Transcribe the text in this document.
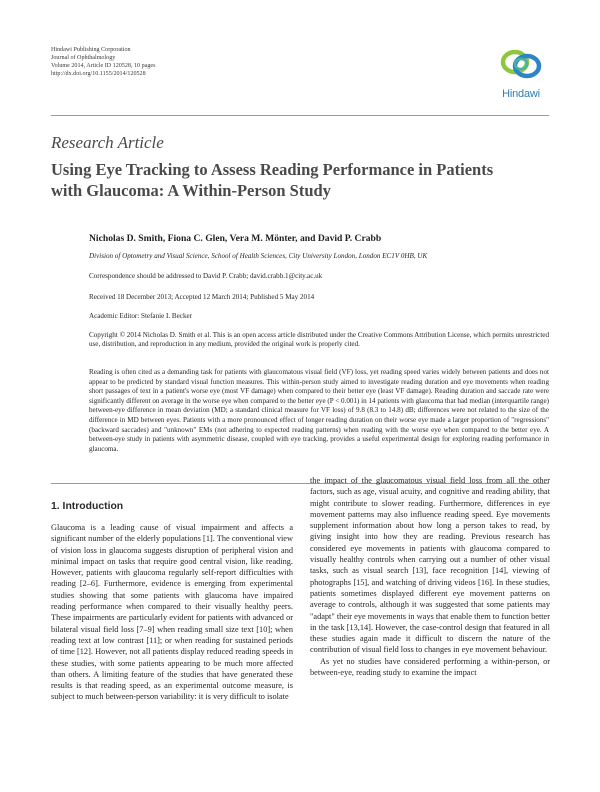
Hindawi Publishing Corporation
Journal of Ophthalmology
Volume 2014, Article ID 120528, 10 pages
http://dx.doi.org/10.1155/2014/120528
Hindawi
Research Article
Using Eye Tracking to Assess Reading Performance in Patients with Glaucoma: A Within-Person Study
Nicholas D. Smith, Fiona C. Glen, Vera M. Mönter, and David P. Crabb
Division of Optometry and Visual Science, School of Health Sciences, City University London, London EC1V 0HB, UK
Correspondence should be addressed to David P. Crabb; david.crabb.1@city.ac.uk
Received 18 December 2013; Accepted 12 March 2014; Published 5 May 2014
Academic Editor: Stefanie I. Becker
Copyright © 2014 Nicholas D. Smith et al. This is an open access article distributed under the Creative Commons Attribution License, which permits unrestricted use, distribution, and reproduction in any medium, provided the original work is properly cited.
Reading is often cited as a demanding task for patients with glaucomatous visual field (VF) loss, yet reading speed varies widely between patients and does not appear to be predicted by standard visual function measures. This within-person study aimed to investigate reading duration and eye movements when reading short passages of text in a patient's worse eye (most VF damage) when compared to their better eye (least VF damage). Reading duration and saccade rate were significantly different on average in the worse eye when compared to the better eye (P < 0.001) in 14 patients with glaucoma that had median (interquartile range) between-eye difference in mean deviation (MD; a standard clinical measure for VF loss) of 9.8 (8.3 to 14.8) dB; differences were not related to the size of the difference in MD between eyes. Patients with a more pronounced effect of longer reading duration on their worse eye made a larger proportion of "regressions" (backward saccades) and "unknown" EMs (not adhering to expected reading patterns) when reading with the worse eye when compared to the better eye. A between-eye study in patients with asymmetric disease, coupled with eye tracking, provides a useful experimental design for exploring reading performance in glaucoma.
1. Introduction

Glaucoma is a leading cause of visual impairment and affects a significant number of the elderly populations [1]. The conventional view of vision loss in glaucoma suggests disruption of peripheral vision and minimal impact on tasks that require good central vision, like reading. However, patients with glaucoma regularly self-report difficulties with reading [2–6]. Furthermore, evidence is emerging from experimental studies showing that some patients with glaucoma have impaired reading performance when compared to their visually healthy peers. These impairments are particularly evident for patients with advanced or bilateral visual field loss [7–9] when reading small size text [10]; when reading text at low contrast [11]; or when reading for sustained periods of time [12]. However, not all patients display reduced reading speeds in these studies, with some patients appearing to be much more affected than others. A limiting feature of the studies that have generated these results is that reading speed, as an experimental outcome measure, is subject to much between-person variability: it is very difficult to isolate

the impact of the glaucomatous visual field loss from all the other factors, such as age, visual acuity, and cognitive and reading ability, that might contribute to slower reading. Furthermore, differences in eye movement patterns may also influence reading speed. Eye movements supplement information about how long a person takes to read, by giving insight into how they are reading. Previous research has considered eye movements in patients with glaucoma compared to visually healthy controls when carrying out a number of other visual tasks, such as visual search [13], face recognition [14], viewing of photographs [15], and watching of driving videos [16]. In these studies, patients sometimes displayed different eye movement patterns on average to controls, although it was suggested that some patients may "adapt" their eye movements in ways that enable them to function better in the task [13,14]. However, the case-control design that featured in all these studies again made it difficult to discern the nature of the contribution of visual field loss to changes in eye movement behaviour.

As yet no studies have considered performing a within-person, or between-eye, reading study to examine the impact
